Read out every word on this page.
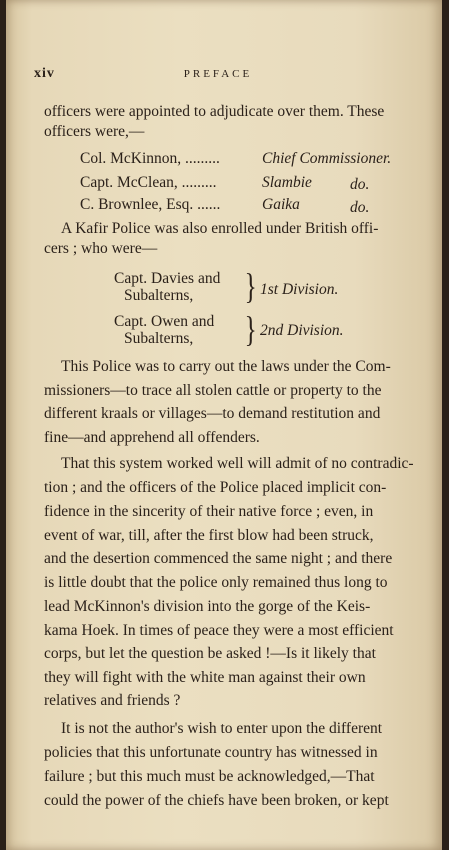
xiv	PREFACE
officers were appointed to adjudicate over them. These
officers were,—
Col. McKinnon, .........	Chief Commissioner.
Capt. McClean, .........	Slambie do.
C. Brownlee, Esq. ......	Gaika	do.
A Kafir Police was also enrolled under British offi-
cers ; who were—
Capt. Davies and
Subalterns, } 1st Division.
Capt. Owen and
Subalterns, } 2nd Division.
This Police was to carry out the laws under the Com-
missioners—to trace all stolen cattle or property to the
different kraals or villages—to demand restitution and
fine—and apprehend all offenders.
That this system worked well will admit of no contradic-
tion ; and the officers of the Police placed implicit con-
fidence in the sincerity of their native force ; even, in
event of war, till, after the first blow had been struck,
and the desertion commenced the same night ; and there
is little doubt that the police only remained thus long to
lead McKinnon's division into the gorge of the Keis-
kama Hoek. In times of peace they were a most efficient
corps, but let the question be asked !—Is it likely that
they will fight with the white man against their own
relatives and friends ?
It is not the author's wish to enter upon the different
policies that this unfortunate country has witnessed in
failure ; but this much must be acknowledged,—That
could the power of the chiefs have been broken, or kept
